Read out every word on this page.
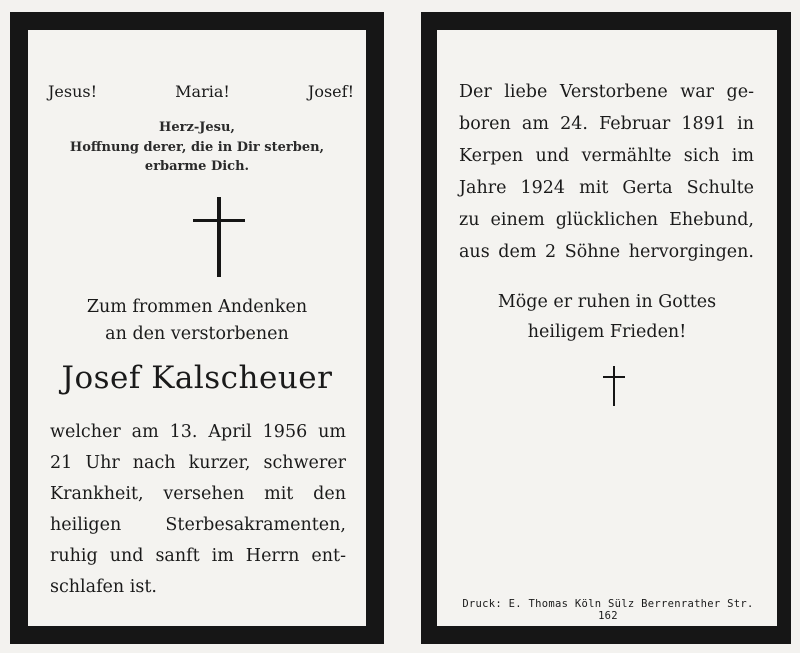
Jesus!	Maria!	Josef!
Herz-Jesu,
Hoffnung derer, die in Dir sterben,
erbarme Dich.
Zum frommen Andenken
an den verstorbenen
Josef Kalscheuer
welcher am 13. April 1956 um
21 Uhr nach kurzer, schwerer
Krankheit, versehen mit den
heiligen Sterbesakramenten,
ruhig und sanft im Herrn ent-
schlafen ist.
Der liebe Verstorbene war ge-
boren am 24. Februar 1891 in
Kerpen und vermählte sich im
Jahre 1924 mit Gerta Schulte
zu einem glücklichen Ehebund,
aus dem 2 Söhne hervorgingen.
Möge er ruhen in Gottes
heiligem Frieden!
Druck: E. Thomas Köln Sülz Berrenrather Str. 162
